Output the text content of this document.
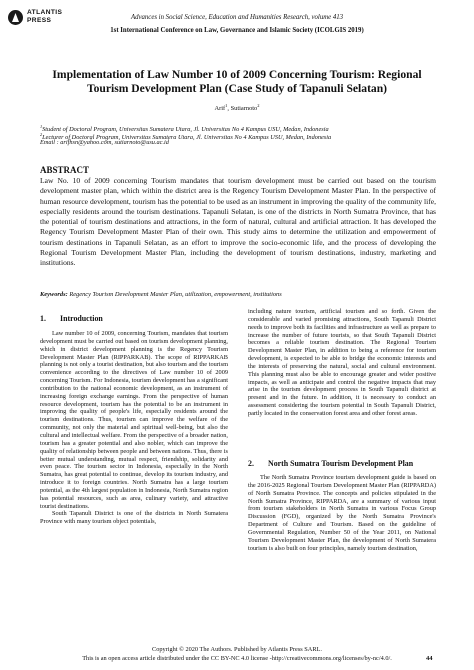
ATLANTIS
PRESS	Advances in Social Science, Education and Humanities Research, volume 413
1st International Conference on Law, Governance and Islamic Society (ICOLGIS 2019)
Implementation of Law Number 10 of 2009 Concerning Tourism: Regional
Tourism Development Plan (Case Study of Tapanuli Selatan)
Arif$^1$, Sutiarnoto$^2$
$^1$Student of Doctoral Program, Universitas Sumatera Utara, Jl. Universitas No 4 Kampus USU, Medan, Indonesia
$^2$Lecturer of Doctoral Program, Universitas Sumatera Utara, Jl. Universitas No 4 Kampus USU, Medan, Indonesia
Email : arifhsn@yahoo.com, sutiarnoto@usu.ac.id
ABSTRACT
Law No. 10 of 2009 concerning Tourism mandates that tourism development must be carried out based on the tourism development master plan, which within the district area is the Regency Tourism Development Master Plan. In the perspective of human resource development, tourism has the potential to be used as an instrument in improving the quality of the community life, especially residents around the tourism destinations. Tapanuli Selatan, is one of the districts in North Sumatra Province, that has the potential of tourism destinations and attractions, in the form of natural, cultural and artificial attraction. It has developed the Regency Tourism Development Master Plan of their own. This study aims to determine the utilization and empowerment of tourism destinations in Tapanuli Selatan, as an effort to improve the socio-economic life, and the process of developing the Regional Tourism Development Master Plan, including the development of tourism destinations, industry, marketing and institutions.
Keywords: Regency Tourism Development Master Plan, utilization, empowerment, institutions
1. Introduction

Law number 10 of 2009, concerning Tourism, mandates that tourism development must be carried out based on tourism development planning, which in district development planning is the Regency Tourism Development Master Plan (RIPPARKAB). The scope of RIPPARKAB planning is not only a tourist destination, but also tourism and the tourism convenience according to the directives of Law number 10 of 2009 concerning Tourism. For Indonesia, tourism development has a significant contribution to the national economic development, as an instrument of increasing foreign exchange earnings. From the perspective of human resource development, tourism has the potential to be an instrument in improving the quality of people's life, especially residents around the tourism destinations. Thus, tourism can improve the welfare of the community, not only the material and spiritual well-being, but also the cultural and intellectual welfare. From the perspective of a broader nation, tourism has a greater potential and also nobler, which can improve the quality of relationship between people and between nations. Thus, there is better mutual understanding, mutual respect, friendship, solidarity and even peace. The tourism sector in Indonesia, especially in the North Sumatra, has great potential to continue, develop its tourism industry, and introduce it to foreign countries. North Sumatra has a large tourism potential, as the 4th largest population in Indonesia, North Sumatra region has potential resources, such as area, culinary variety, and attractive tourist destinations.

South Tapanuli District is one of the districts in North Sumatera Province with many tourism object potentials,

including nature tourism, artificial tourism and so forth. Given the considerable and varied promising attractions, South Tapanuli District needs to improve both its facilities and infrastructure as well as prepare to increase the number of future tourists, so that South Tapanuli District becomes a reliable tourism destination. The Regional Tourism Development Master Plan, in addition to being a reference for tourism development, is expected to be able to bridge the economic interests and the interests of preserving the natural, social and cultural environment. This planning must also be able to encourage greater and wider positive impacts, as well as anticipate and control the negative impacts that may arise in the tourism development process in South Tapanuli district at present and in the future. In addition, it is necessary to conduct an assessment considering the tourism potential in South Tapanuli District, partly located in the conservation forest area and other forest areas.

2. North Sumatra Tourism Development Plan

The North Sumatra Province tourism development guide is based on the 2016-2025 Regional Tourism Development Master Plan (RIPPARDA) of North Sumatra Province. The concepts and policies stipulated in the North Sumatra Province, RIPPARDA, are a summary of various input from tourism stakeholders in North Sumatra in various Focus Group Discussion (FGD), organized by the North Sumatra Province's Department of Culture and Tourism. Based on the guideline of Governmental Regulation, Number 50 of the Year 2011, on National Tourism Development Master Plan, the development of North Sumatera tourism is also built on four principles, namely tourism destination,

Copyright © 2020 The Authors. Published by Atlantis Press SARL.
This is an open access article distributed under the CC BY-NC 4.0 license -http://creativecommons.org/licenses/by-nc/4.0/.	44
